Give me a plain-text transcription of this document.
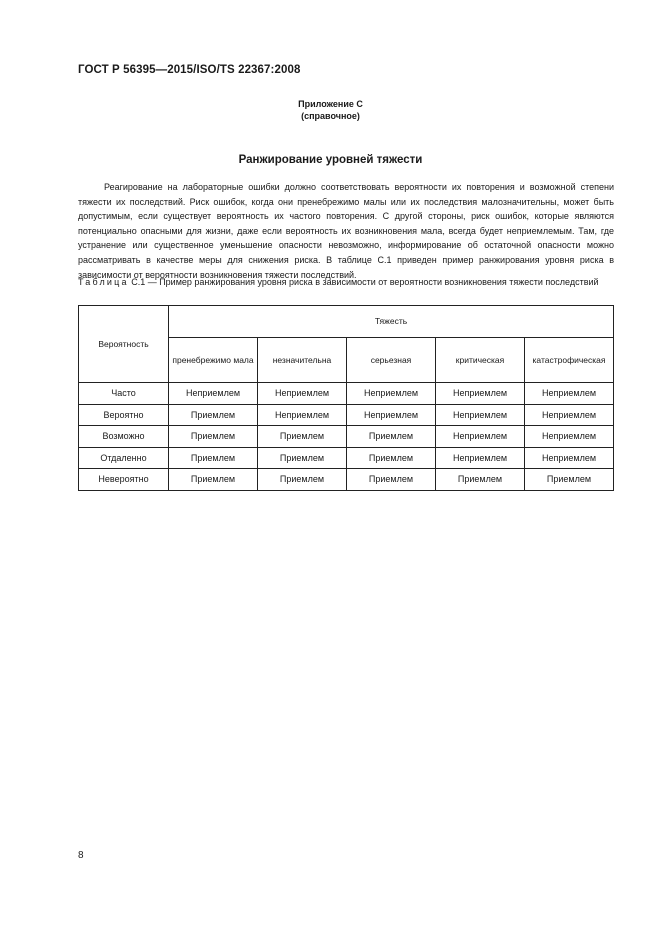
ГОСТ Р 56395—2015/ISO/TS 22367:2008
Приложение С
(справочное)
Ранжирование уровней тяжести

Реагирование на лабораторные ошибки должно соответствовать вероятности их повторения и возможной степени тяжести их последствий. Риск ошибок, когда они пренебрежимо малы или их последствия малозначительны, может быть допустимым, если существует вероятность их частого повторения. С другой стороны, риск ошибок, которые являются потенциально опасными для жизни, даже если вероятность их возникновения мала, всегда будет неприемлемым. Там, где устранение или существенное уменьшение опасности невозможно, информирование об остаточной опасности можно рассматривать в качестве меры для снижения риска. В таблице С.1 приведен пример ранжирования уровня риска в зависимости от вероятности возникновения тяжести последствий.

Таблица С.1 — Пример ранжирования уровня риска в зависимости от вероятности возникновения тяжести последствий

Вероятность	Тяжесть				
	пренебрежимо мала	незначительна	серьезная	критическая	катастрофическая
Часто	Неприемлем	Неприемлем	Неприемлем	Неприемлем	Неприемлем
Вероятно	Приемлем	Неприемлем	Неприемлем	Неприемлем	Неприемлем
Возможно	Приемлем	Приемлем	Приемлем	Неприемлем	Неприемлем
Отдаленно	Приемлем	Приемлем	Приемлем	Неприемлем	Неприемлем
Невероятно	Приемлем	Приемлем	Приемлем	Приемлем	Приемлем
8
